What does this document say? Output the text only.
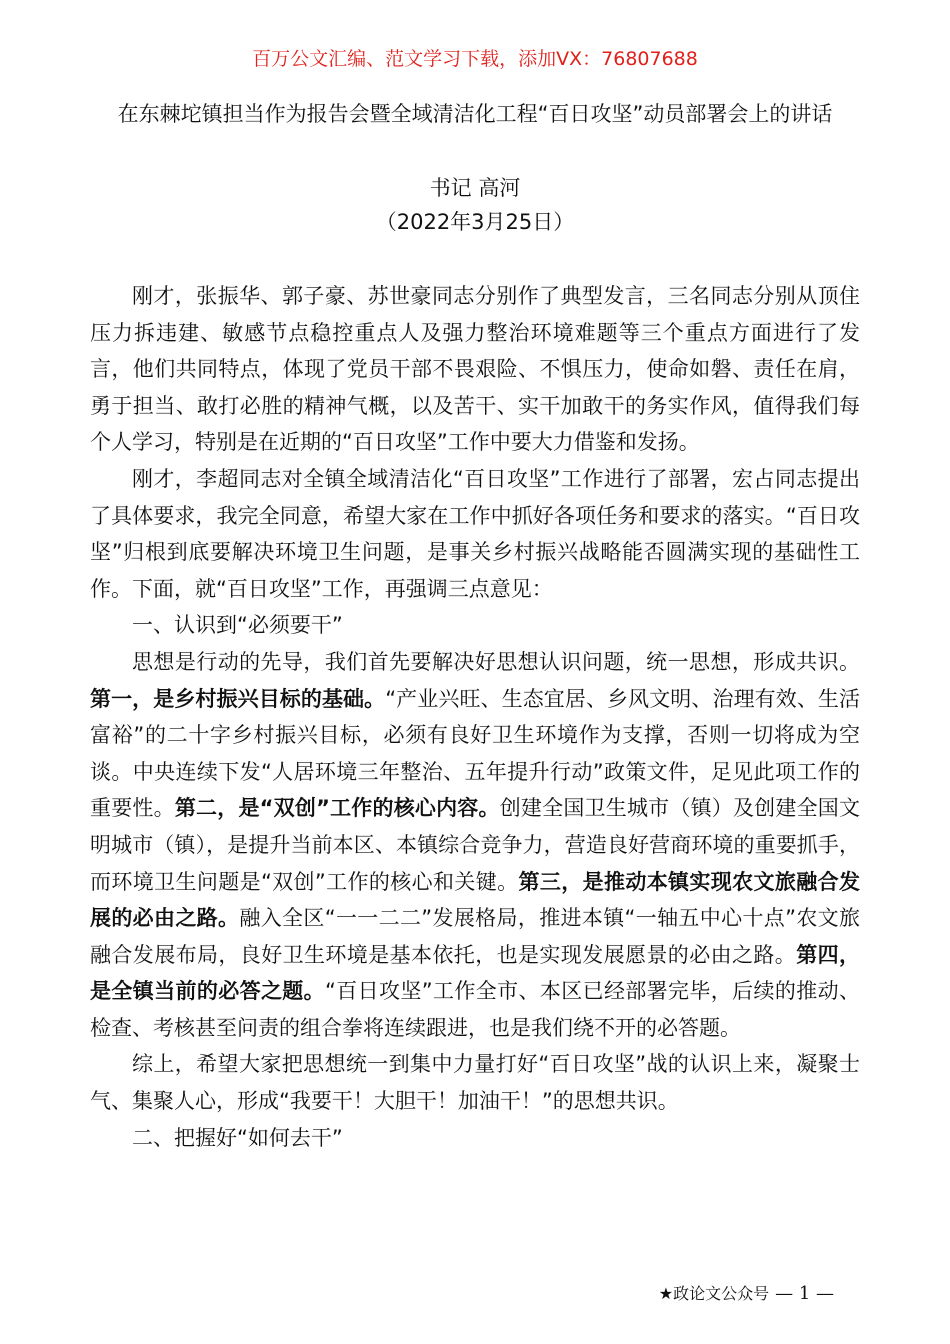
百万公文汇编、范文学习下载，添加VX：76807688
在东棘坨镇担当作为报告会暨全域清洁化工程“百日攻坚”动员部署会上的讲话
书记 高河
（2022年3月25日）

刚才，张振华、郭子豪、苏世豪同志分别作了典型发言，三名同志分别从顶住压力拆违建、敏感节点稳控重点人及强力整治环境难题等三个重点方面进行了发言，他们共同特点，体现了党员干部不畏艰险、不惧压力，使命如磐、责任在肩，勇于担当、敢打必胜的精神气概，以及苦干、实干加敢干的务实作风，值得我们每个人学习，特别是在近期的“百日攻坚”工作中要大力借鉴和发扬。

刚才，李超同志对全镇全域清洁化“百日攻坚”工作进行了部署，宏占同志提出了具体要求，我完全同意，希望大家在工作中抓好各项任务和要求的落实。“百日攻坚”归根到底要解决环境卫生问题，是事关乡村振兴战略能否圆满实现的基础性工作。下面，就“百日攻坚”工作，再强调三点意见：

一、认识到“必须要干”

思想是行动的先导，我们首先要解决好思想认识问题，统一思想，形成共识。第一，是乡村振兴目标的基础。“产业兴旺、生态宜居、乡风文明、治理有效、生活富裕”的二十字乡村振兴目标，必须有良好卫生环境作为支撑，否则一切将成为空谈。中央连续下发“人居环境三年整治、五年提升行动”政策文件，足见此项工作的重要性。第二，是“双创”工作的核心内容。创建全国卫生城市（镇）及创建全国文明城市（镇），是提升当前本区、本镇综合竞争力，营造良好营商环境的重要抓手，而环境卫生问题是“双创”工作的核心和关键。第三，是推动本镇实现农文旅融合发展的必由之路。融入全区“一一二二”发展格局，推进本镇“一轴五中心十点”农文旅融合发展布局，良好卫生环境是基本依托，也是实现发展愿景的必由之路。第四，是全镇当前的必答之题。“百日攻坚”工作全市、本区已经部署完毕，后续的推动、检查、考核甚至问责的组合拳将连续跟进，也是我们绕不开的必答题。

综上，希望大家把思想统一到集中力量打好“百日攻坚”战的认识上来，凝聚士气、集聚人心，形成“我要干！大胆干！加油干！”的思想共识。

二、把握好“如何去干”

★政论文公众号 — 1 —
